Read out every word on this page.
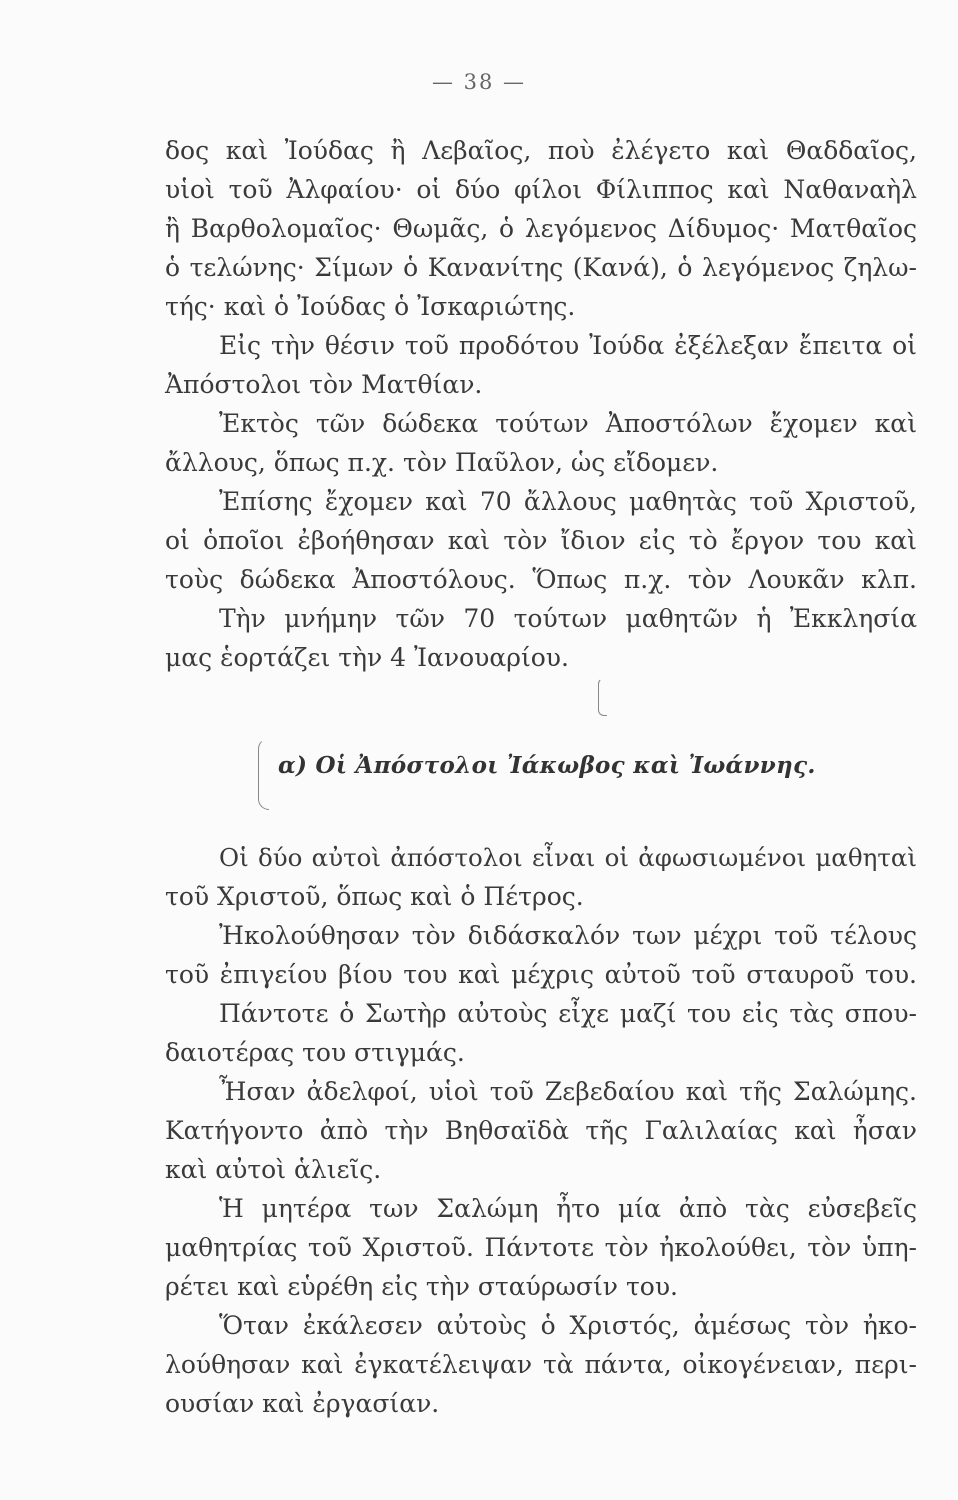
— 38 —
δος καὶ Ἰούδας ἢ Λεβαῖος, ποὺ ἐλέγετο καὶ Θαδδαῖος,
υἱοὶ τοῦ Ἀλφαίου· οἱ δύο φίλοι Φίλιππος καὶ Ναθαναὴλ
ἢ Βαρθολομαῖος· Θωμᾶς, ὁ λεγόμενος Δίδυμος· Ματθαῖος
ὁ τελώνης· Σίμων ὁ Κανανίτης (Κανά), ὁ λεγόμενος ζηλω-
τής· καὶ ὁ Ἰούδας ὁ Ἰσκαριώτης.
Εἰς τὴν θέσιν τοῦ προδότου Ἰούδα ἐξέλεξαν ἔπειτα οἱ
Ἀπόστολοι τὸν Ματθίαν.
Ἐκτὸς τῶν δώδεκα τούτων Ἀποστόλων ἔχομεν καὶ
ἄλλους, ὅπως π.χ. τὸν Παῦλον, ὡς εἴδομεν.
Ἐπίσης ἔχομεν καὶ 70 ἄλλους μαθητὰς τοῦ Χριστοῦ,
οἱ ὁποῖοι ἐβοήθησαν καὶ τὸν ἴδιον εἰς τὸ ἔργον του καὶ
τοὺς δώδεκα Ἀποστόλους. Ὅπως π.χ. τὸν Λουκᾶν κλπ.
Τὴν μνήμην τῶν 70 τούτων μαθητῶν ἡ Ἐκκλησία
μας ἑορτάζει τὴν 4 Ἰανουαρίου.
α) Οἱ Ἀπόστολοι Ἰάκωβος καὶ Ἰωάννης.
Οἱ δύο αὐτοὶ ἀπόστολοι εἶναι οἱ ἀφωσιωμένοι μαθηταὶ
τοῦ Χριστοῦ, ὅπως καὶ ὁ Πέτρος.
Ἠκολούθησαν τὸν διδάσκαλόν των μέχρι τοῦ τέλους
τοῦ ἐπιγείου βίου του καὶ μέχρις αὐτοῦ τοῦ σταυροῦ του.
Πάντοτε ὁ Σωτὴρ αὐτοὺς εἶχε μαζί του εἰς τὰς σπου-
δαιοτέρας του στιγμάς.
Ἦσαν ἀδελφοί, υἱοὶ τοῦ Ζεβεδαίου καὶ τῆς Σαλώμης.
Κατήγοντο ἀπὸ τὴν Βηθσαϊδὰ τῆς Γαλιλαίας καὶ ἦσαν
καὶ αὐτοὶ ἁλιεῖς.
Ἡ μητέρα των Σαλώμη ἦτο μία ἀπὸ τὰς εὐσεβεῖς
μαθητρίας τοῦ Χριστοῦ. Πάντοτε τὸν ἠκολούθει, τὸν ὑπη-
ρέτει καὶ εὑρέθη εἰς τὴν σταύρωσίν του.
Ὅταν ἐκάλεσεν αὐτοὺς ὁ Χριστός, ἀμέσως τὸν ἠκο-
λούθησαν καὶ ἐγκατέλειψαν τὰ πάντα, οἰκογένειαν, περι-
ουσίαν καὶ ἐργασίαν.
